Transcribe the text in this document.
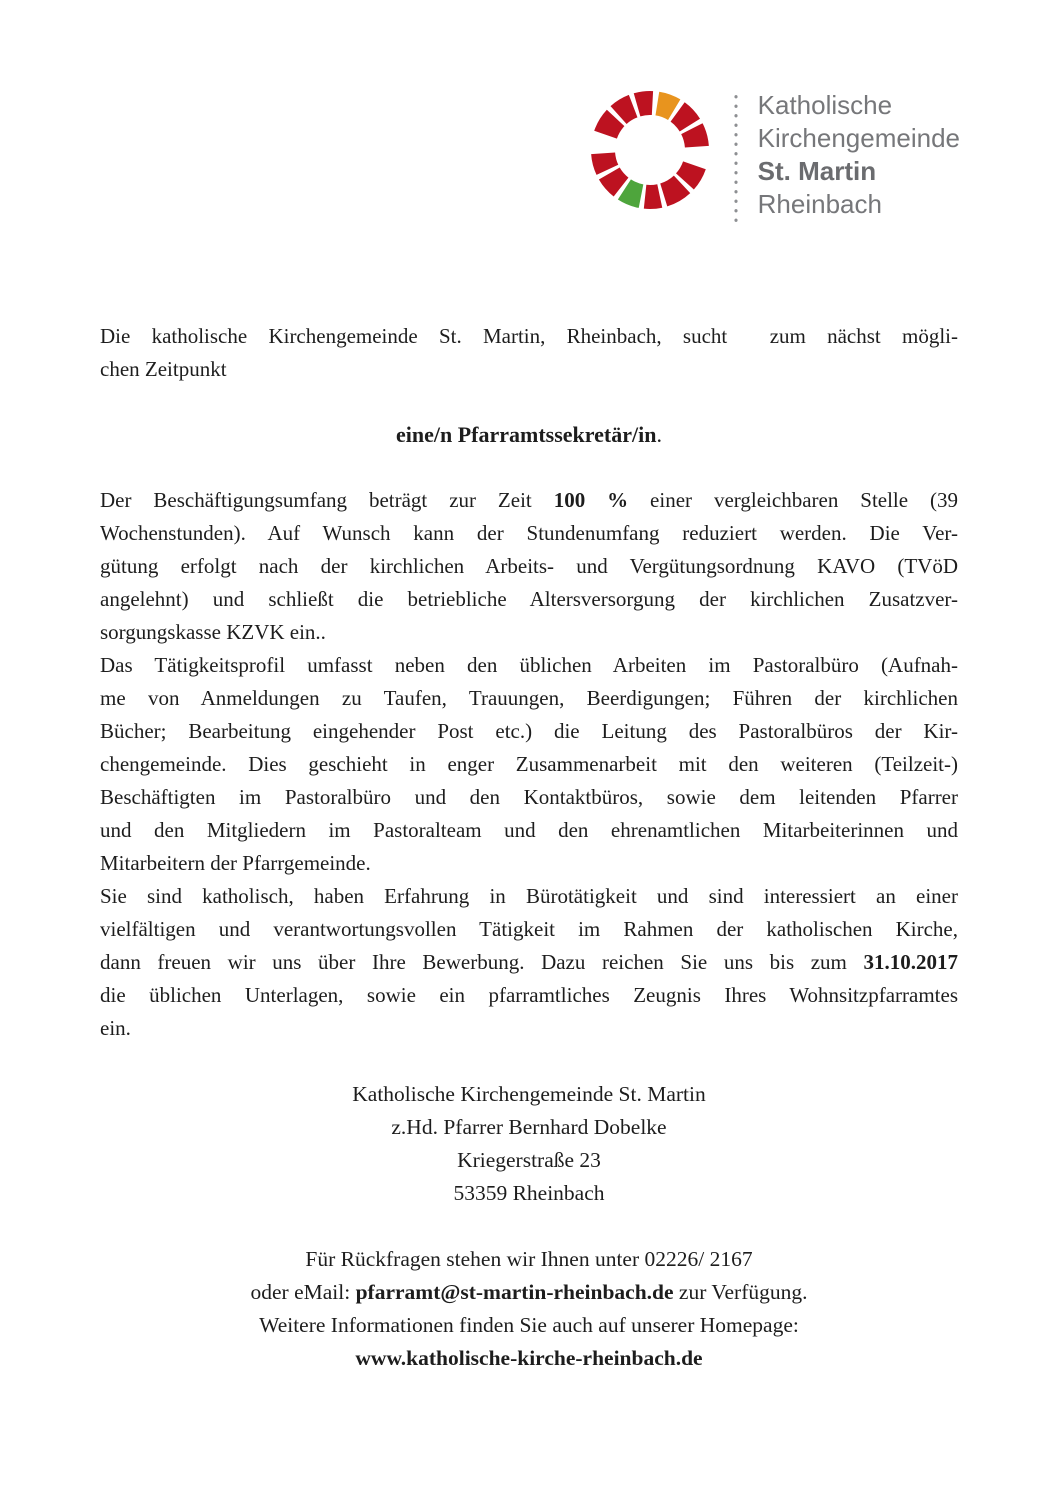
Katholische
Kirchengemeinde
St. Martin
Rheinbach
Die katholische Kirchengemeinde St. Martin, Rheinbach, sucht  zum nächst mögli-
chen Zeitpunkt
eine/n Pfarramtssekretär/in.
Der Beschäftigungsumfang beträgt zur Zeit 100 % einer vergleichbaren Stelle (39
Wochenstunden). Auf Wunsch kann der Stundenumfang reduziert werden. Die Ver-
gütung erfolgt nach der kirchlichen Arbeits- und Vergütungsordnung KAVO (TVöD
angelehnt) und schließt die betriebliche Altersversorgung der kirchlichen Zusatzver-
sorgungskasse KZVK ein..
Das Tätigkeitsprofil umfasst neben den üblichen Arbeiten im Pastoralbüro (Aufnah-
me von Anmeldungen zu Taufen, Trauungen, Beerdigungen; Führen der kirchlichen
Bücher; Bearbeitung eingehender Post etc.) die Leitung des Pastoralbüros der Kir-
chengemeinde. Dies geschieht in enger Zusammenarbeit mit den weiteren (Teilzeit-)
Beschäftigten im Pastoralbüro und den Kontaktbüros, sowie dem leitenden Pfarrer
und den Mitgliedern im Pastoralteam und den ehrenamtlichen Mitarbeiterinnen und
Mitarbeitern der Pfarrgemeinde.
Sie sind katholisch, haben Erfahrung in Bürotätigkeit und sind interessiert an einer
vielfältigen und verantwortungsvollen Tätigkeit im Rahmen der katholischen Kirche,
dann freuen wir uns über Ihre Bewerbung. Dazu reichen Sie uns bis zum 31.10.2017
die üblichen Unterlagen, sowie ein pfarramtliches Zeugnis Ihres Wohnsitzpfarramtes
ein.
Katholische Kirchengemeinde St. Martin
z.Hd. Pfarrer Bernhard Dobelke
Kriegerstraße 23
53359 Rheinbach
Für Rückfragen stehen wir Ihnen unter 02226/ 2167
oder eMail: pfarramt@st-martin-rheinbach.de zur Verfügung.
Weitere Informationen finden Sie auch auf unserer Homepage:
www.katholische-kirche-rheinbach.de
